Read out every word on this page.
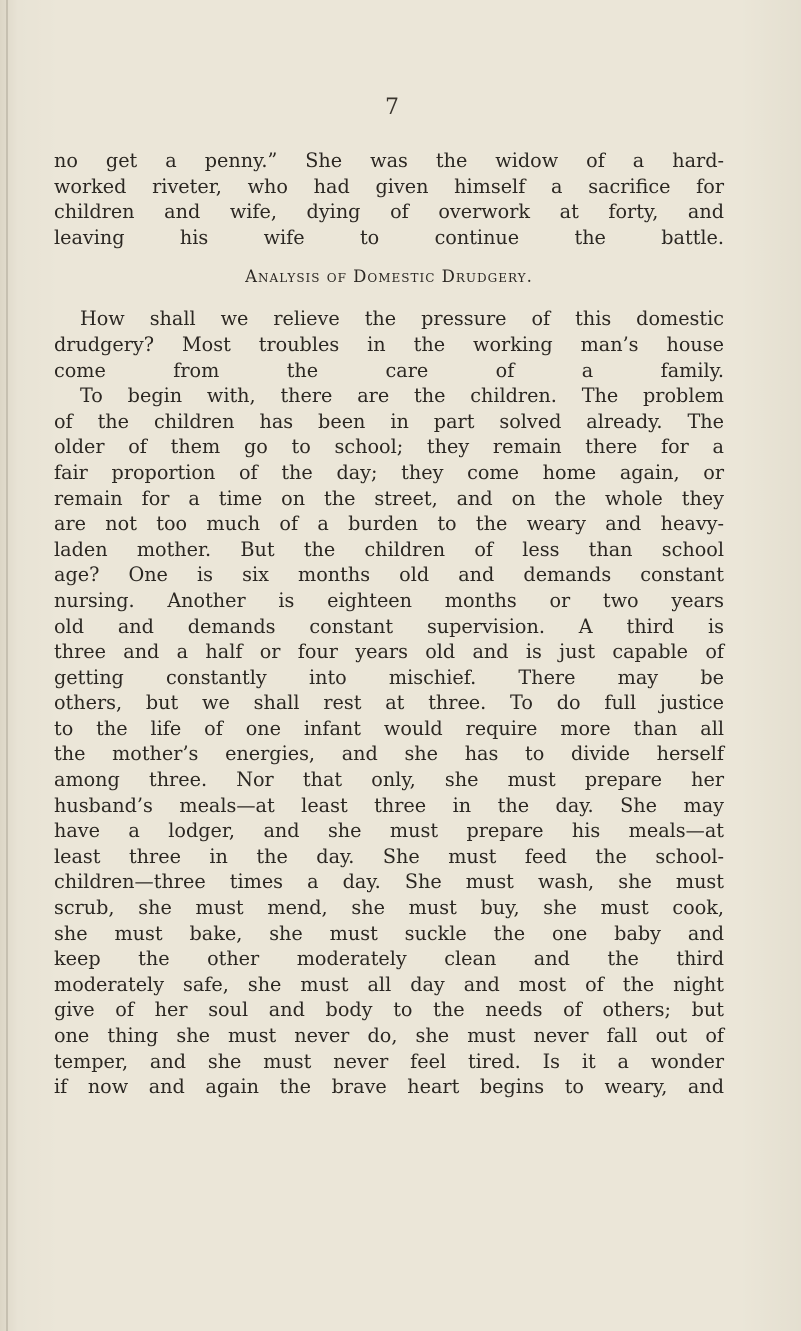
7
no get a penny.” She was the widow of a hard-
worked riveter, who had given himself a sacrifice for
children and wife, dying of overwork at forty, and
leaving his wife to continue the battle.
Analysis of Domestic Drudgery.
How shall we relieve the pressure of this domestic
drudgery? Most troubles in the working man’s house
come from the care of a family.
To begin with, there are the children. The problem
of the children has been in part solved already. The
older of them go to school; they remain there for a
fair proportion of the day; they come home again, or
remain for a time on the street, and on the whole they
are not too much of a burden to the weary and heavy-
laden mother. But the children of less than school
age? One is six months old and demands constant
nursing. Another is eighteen months or two years
old and demands constant supervision. A third is
three and a half or four years old and is just capable of
getting constantly into mischief. There may be
others, but we shall rest at three. To do full justice
to the life of one infant would require more than all
the mother’s energies, and she has to divide herself
among three. Nor that only, she must prepare her
husband’s meals—at least three in the day. She may
have a lodger, and she must prepare his meals—at
least three in the day. She must feed the school-
children—three times a day. She must wash, she must
scrub, she must mend, she must buy, she must cook,
she must bake, she must suckle the one baby and
keep the other moderately clean and the third
moderately safe, she must all day and most of the night
give of her soul and body to the needs of others; but
one thing she must never do, she must never fall out of
temper, and she must never feel tired. Is it a wonder
if now and again the brave heart begins to weary, and
